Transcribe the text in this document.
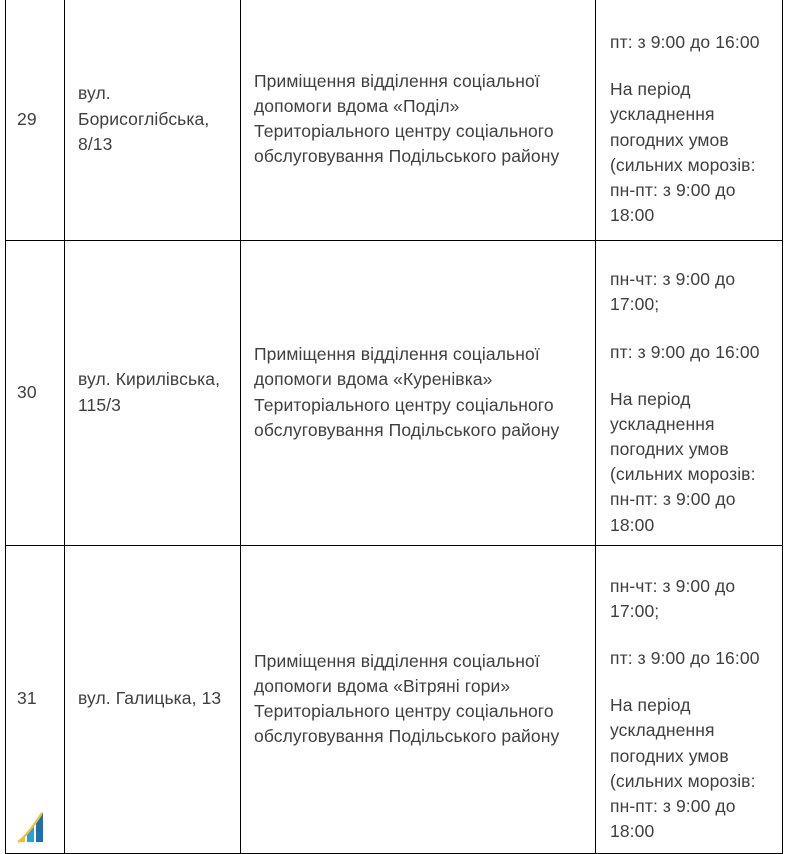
29	вул. Борисоглібська, 8/13	Приміщення відділення соціальної допомоги вдома «Поділ» Територіального центру соціального обслуговування Подільського району	пт: з 9:00 до 16:00

На період ускладнення погодних умов (сильних морозів: пн-пт: з 9:00 до 18:00

30	вул. Кирилівська, 115/3	Приміщення відділення соціальної допомоги вдома «Куренівка» Територіального центру соціального обслуговування Подільського району	пн-чт: з 9:00 до 17:00;

пт: з 9:00 до 16:00

На період ускладнення погодних умов (сильних морозів: пн-пт: з 9:00 до 18:00

31	вул. Галицька, 13	Приміщення відділення соціальної допомоги вдома «Вітряні гори» Територіального центру соціального обслуговування Подільського району	пн-чт: з 9:00 до 17:00;

пт: з 9:00 до 16:00

На період ускладнення погодних умов (сильних морозів: пн-пт: з 9:00 до 18:00
